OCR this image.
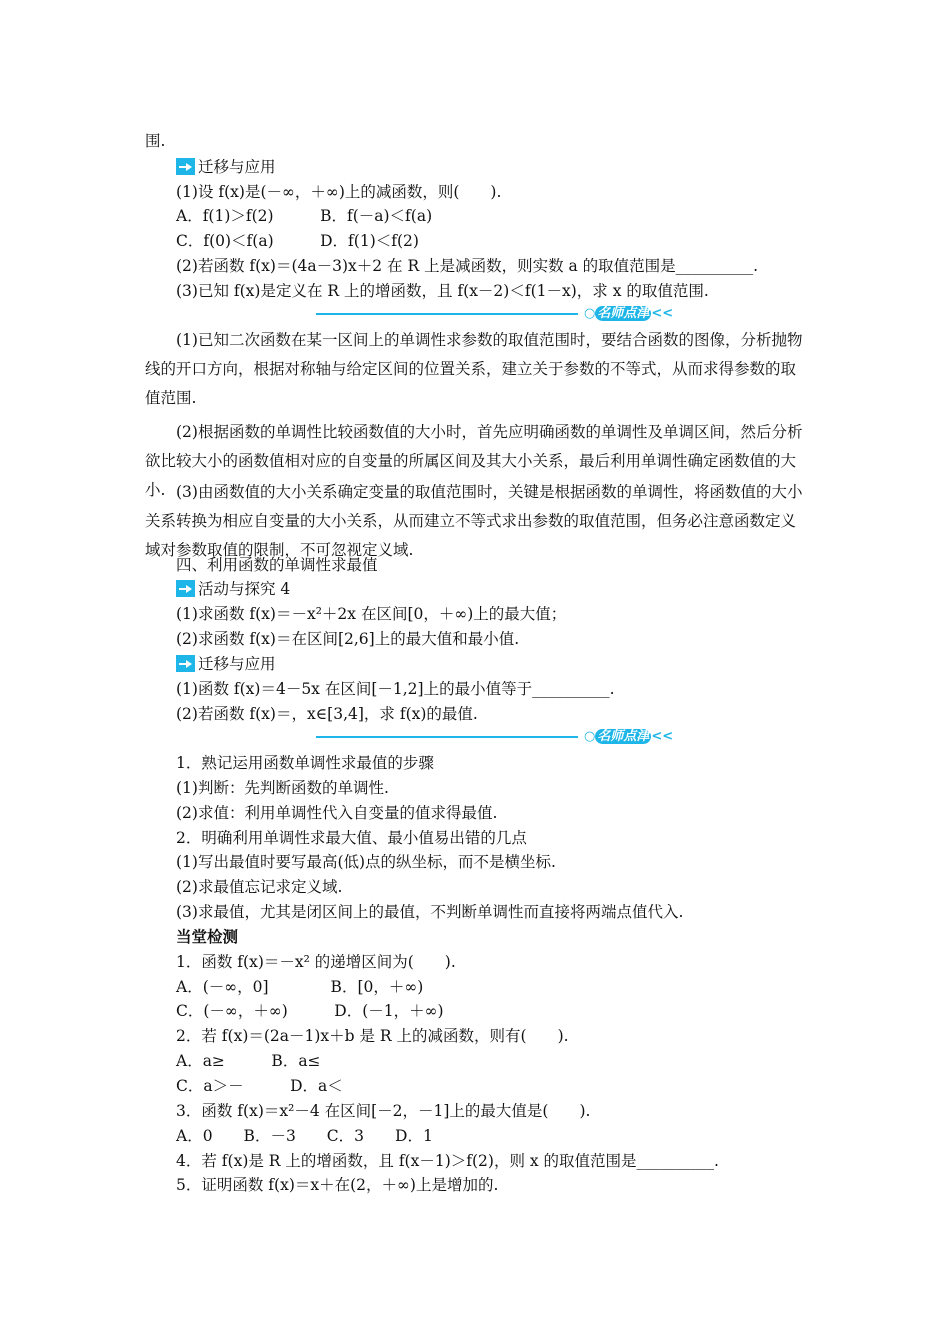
围.
迁移与应用
(1)设 f(x)是(－∞，＋∞)上的减函数，则(　　).
A．f(1)＞f(2)　　　B．f(－a)＜f(a)
C．f(0)＜f(a)　　　D．f(1)＜f(2)
(2)若函数 f(x)＝(4a－3)x＋2 在 R 上是减函数，则实数 a 的取值范围是__________.
(3)已知 f(x)是定义在 R 上的增函数，且 f(x－2)＜f(1－x)，求 x 的取值范围.
○ 名师点津 <<
(1)已知二次函数在某一区间上的单调性求参数的取值范围时，要结合函数的图像，分析抛物线的开口方向，根据对称轴与给定区间的位置关系，建立关于参数的不等式，从而求得参数的取值范围.
(2)根据函数的单调性比较函数值的大小时，首先应明确函数的单调性及单调区间，然后分析欲比较大小的函数值相对应的自变量的所属区间及其大小关系，最后利用单调性确定函数值的大小. (3)由函数值的大小关系确定变量的取值范围时，关键是根据函数的单调性，将函数值的大小关系转换为相应自变量的大小关系，从而建立不等式求出参数的取值范围，但务必注意函数定义域对参数取值的限制，不可忽视定义域.
四、利用函数的单调性求最值
活动与探究 4
(1)求函数 f(x)＝－x²＋2x 在区间[0，＋∞)上的最大值；
(2)求函数 f(x)＝在区间[2,6]上的最大值和最小值.
迁移与应用
(1)函数 f(x)＝4－5x 在区间[－1,2]上的最小值等于__________.
(2)若函数 f(x)＝，x∈[3,4]，求 f(x)的最值.
○ 名师点津 <<
1．熟记运用函数单调性求最值的步骤
(1)判断：先判断函数的单调性.
(2)求值：利用单调性代入自变量的值求得最值.
2．明确利用单调性求最大值、最小值易出错的几点
(1)写出最值时要写最高(低)点的纵坐标，而不是横坐标.
(2)求最值忘记求定义域.
(3)求最值，尤其是闭区间上的最值，不判断单调性而直接将两端点值代入.
当堂检测
1．函数 f(x)＝－x² 的递增区间为(　　).
A．(－∞，0]　　　　B．[0，＋∞)
C．(－∞，＋∞)　　　D．(－1，＋∞)
2．若 f(x)＝(2a－1)x＋b 是 R 上的减函数，则有(　　).
A．a≥　　　B．a≤
C．a＞－　　　D．a＜
3．函数 f(x)＝x²－4 在区间[－2，－1]上的最大值是(　　).
A．0　　B．－3　　C．3　　D．1
4．若 f(x)是 R 上的增函数，且 f(x－1)＞f(2)，则 x 的取值范围是__________.
5．证明函数 f(x)＝x＋在(2，＋∞)上是增加的.
